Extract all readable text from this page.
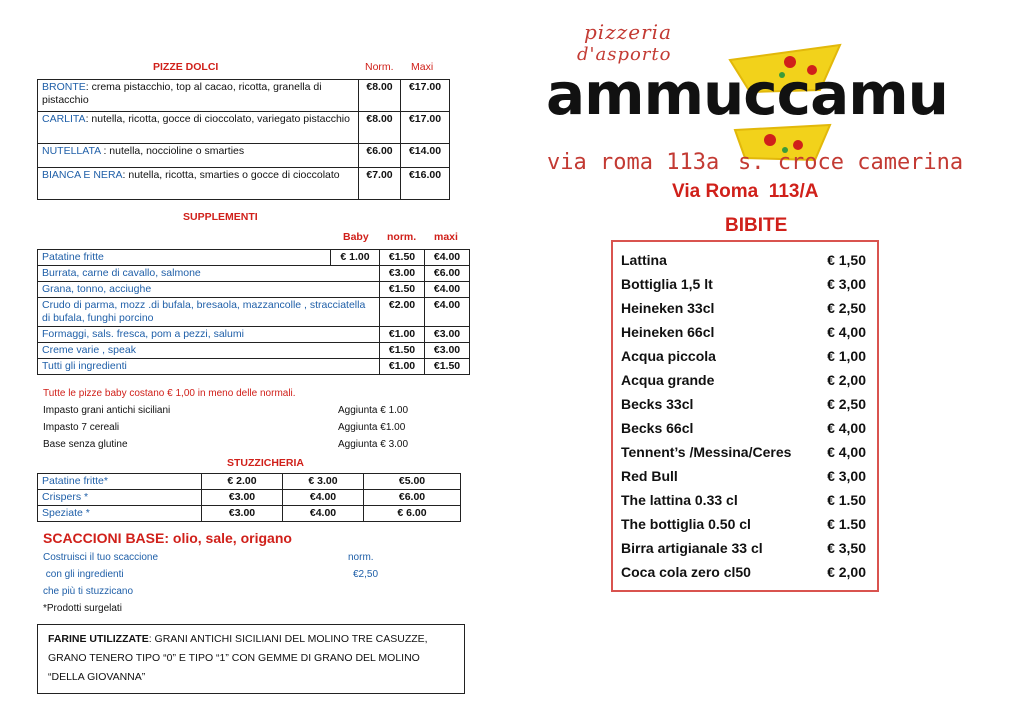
PIZZE DOLCI	Norm. Maxi
BRONTE: crema pistacchio, top al cacao, ricotta, granella di pistacchio	€8.00	€17.00
CARLITA: nutella, ricotta, gocce di cioccolato, variegato pistacchio	€8.00	€17.00
NUTELLATA : nutella, noccioline o smarties	€6.00	€14.00
BIANCA E NERA: nutella, ricotta, smarties o gocce di cioccolato	€7.00	€16.00
SUPPLEMENTI
Baby norm. maxi
Patatine fritte	€ 1.00	€1.50	€4.00
Burrata, carne di cavallo, salmone		€3.00	€6.00
Grana, tonno, acciughe		€1.50	€4.00
Crudo di parma, mozz .di bufala, bresaola, mazzancolle , stracciatella di bufala, funghi porcino		€2.00	€4.00
Formaggi, sals. fresca, pom a pezzi, salumi		€1.00	€3.00
Creme varie , speak		€1.50	€3.00
Tutti gli ingredienti		€1.00	€1.50
Tutte le pizze baby costano € 1,00 in meno delle normali.
Impasto grani antichi siciliani	Aggiunta € 1.00
Impasto 7 cereali	Aggiunta €1.00
Base senza glutine	Aggiunta € 3.00
STUZZICHERIA
Patatine fritte*	€ 2.00	€ 3.00	€5.00
Crispers *	€3.00	€4.00	€6.00
Speziate *	€3.00	€4.00	€ 6.00
SCACCIONI BASE: olio, sale, origano
Costruisci il tuo scaccione	norm.
con gli ingredienti	€2,50
che più ti stuzzicano
*Prodotti surgelati
FARINE UTILIZZATE: GRANI ANTICHI SICILIANI DEL MOLINO TRE CASUZZE, GRANO TENERO TIPO “0” E TIPO “1” CON GEMME DI GRANO DEL MOLINO “DELLA GIOVANNA”
pizzeria
d'asporto
ammuccamu
via roma 113a s. croce camerina
Via Roma  113/A
BIBITE
Lattina	€ 1,50
Bottiglia 1,5 lt	€ 3,00
Heineken 33cl	€ 2,50
Heineken 66cl	€ 4,00
Acqua piccola	€ 1,00
Acqua grande	€ 2,00
Becks 33cl	€ 2,50
Becks 66cl	€ 4,00
Tennent’s /Messina/Ceres	€ 4,00
Red Bull	€ 3,00
The lattina 0.33 cl	€ 1.50
The bottiglia 0.50 cl	€ 1.50
Birra artigianale 33 cl	€ 3,50
Coca cola zero cl50	€ 2,00
